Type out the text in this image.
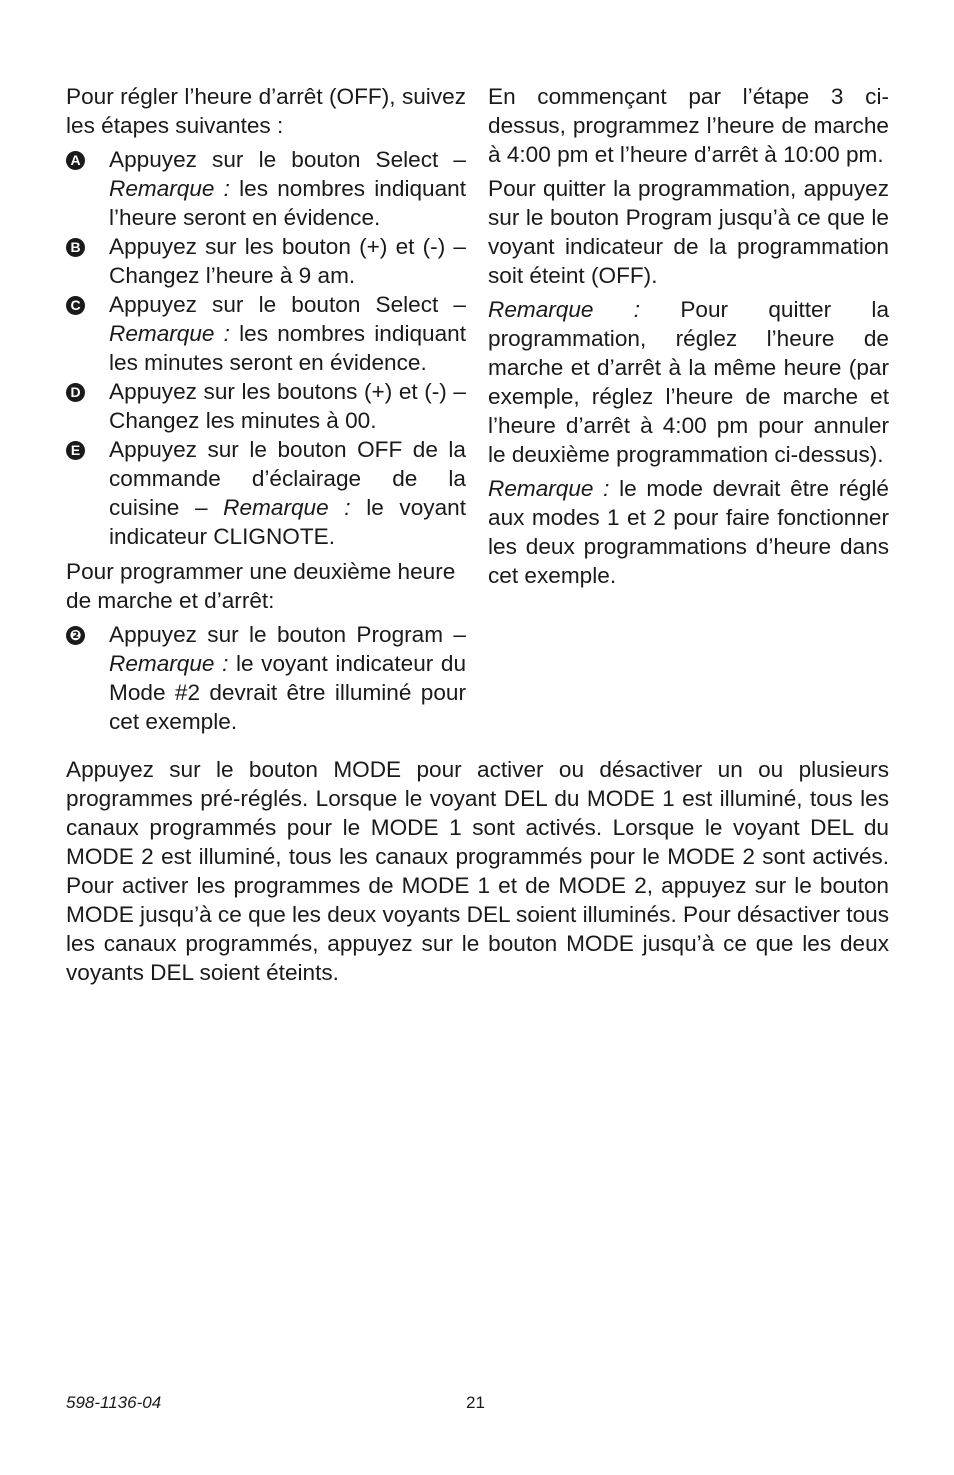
Pour régler l’heure d’arrêt (OFF), suivez les étapes suivantes :

A Appuyez sur le bouton Select – Remarque : les nombres indiquant l’heure seront en évidence.
B Appuyez sur les bouton (+) et (-) – Changez l’heure à 9 am.
C Appuyez sur le bouton Select – Remarque : les nombres indiquant les minutes seront en évidence.
D Appuyez sur les boutons (+) et (-) – Changez les minutes à 00.
E Appuyez sur le bouton OFF de la commande d’éclairage de la cuisine – Remarque : le voyant indicateur CLIGNOTE.

Pour programmer une deuxième heure de marche et d’arrêt:

❷ Appuyez sur le bouton Program – Remarque : le voyant indicateur du Mode #2 devrait être illuminé pour cet exemple.

En commençant par l’étape 3 ci-dessus, programmez l’heure de marche à 4:00 pm et l’heure d’arrêt à 10:00 pm.

Pour quitter la programmation, appuyez sur le bouton Program jusqu’à ce que le voyant indicateur de la programmation soit éteint (OFF).

Remarque : Pour quitter la programmation, réglez l’heure de marche et d’arrêt à la même heure (par exemple, réglez l’heure de marche et l’heure d’arrêt à 4:00 pm pour annuler le deuxième programmation ci-dessus).

Remarque : le mode devrait être réglé aux modes 1 et 2 pour faire fonctionner les deux programmations d’heure dans cet exemple.

Appuyez sur le bouton MODE pour activer ou désactiver un ou plusieurs programmes pré-réglés. Lorsque le voyant DEL du MODE 1 est illuminé, tous les canaux programmés pour le MODE 1 sont activés. Lorsque le voyant DEL du MODE 2 est illuminé, tous les canaux programmés pour le MODE 2 sont activés. Pour activer les programmes de MODE 1 et de MODE 2, appuyez sur le bouton MODE jusqu’à ce que les deux voyants DEL soient illuminés. Pour désactiver tous les canaux programmés, appuyez sur le bouton MODE jusqu’à ce que les deux voyants DEL soient éteints.

598-1136-04	21
